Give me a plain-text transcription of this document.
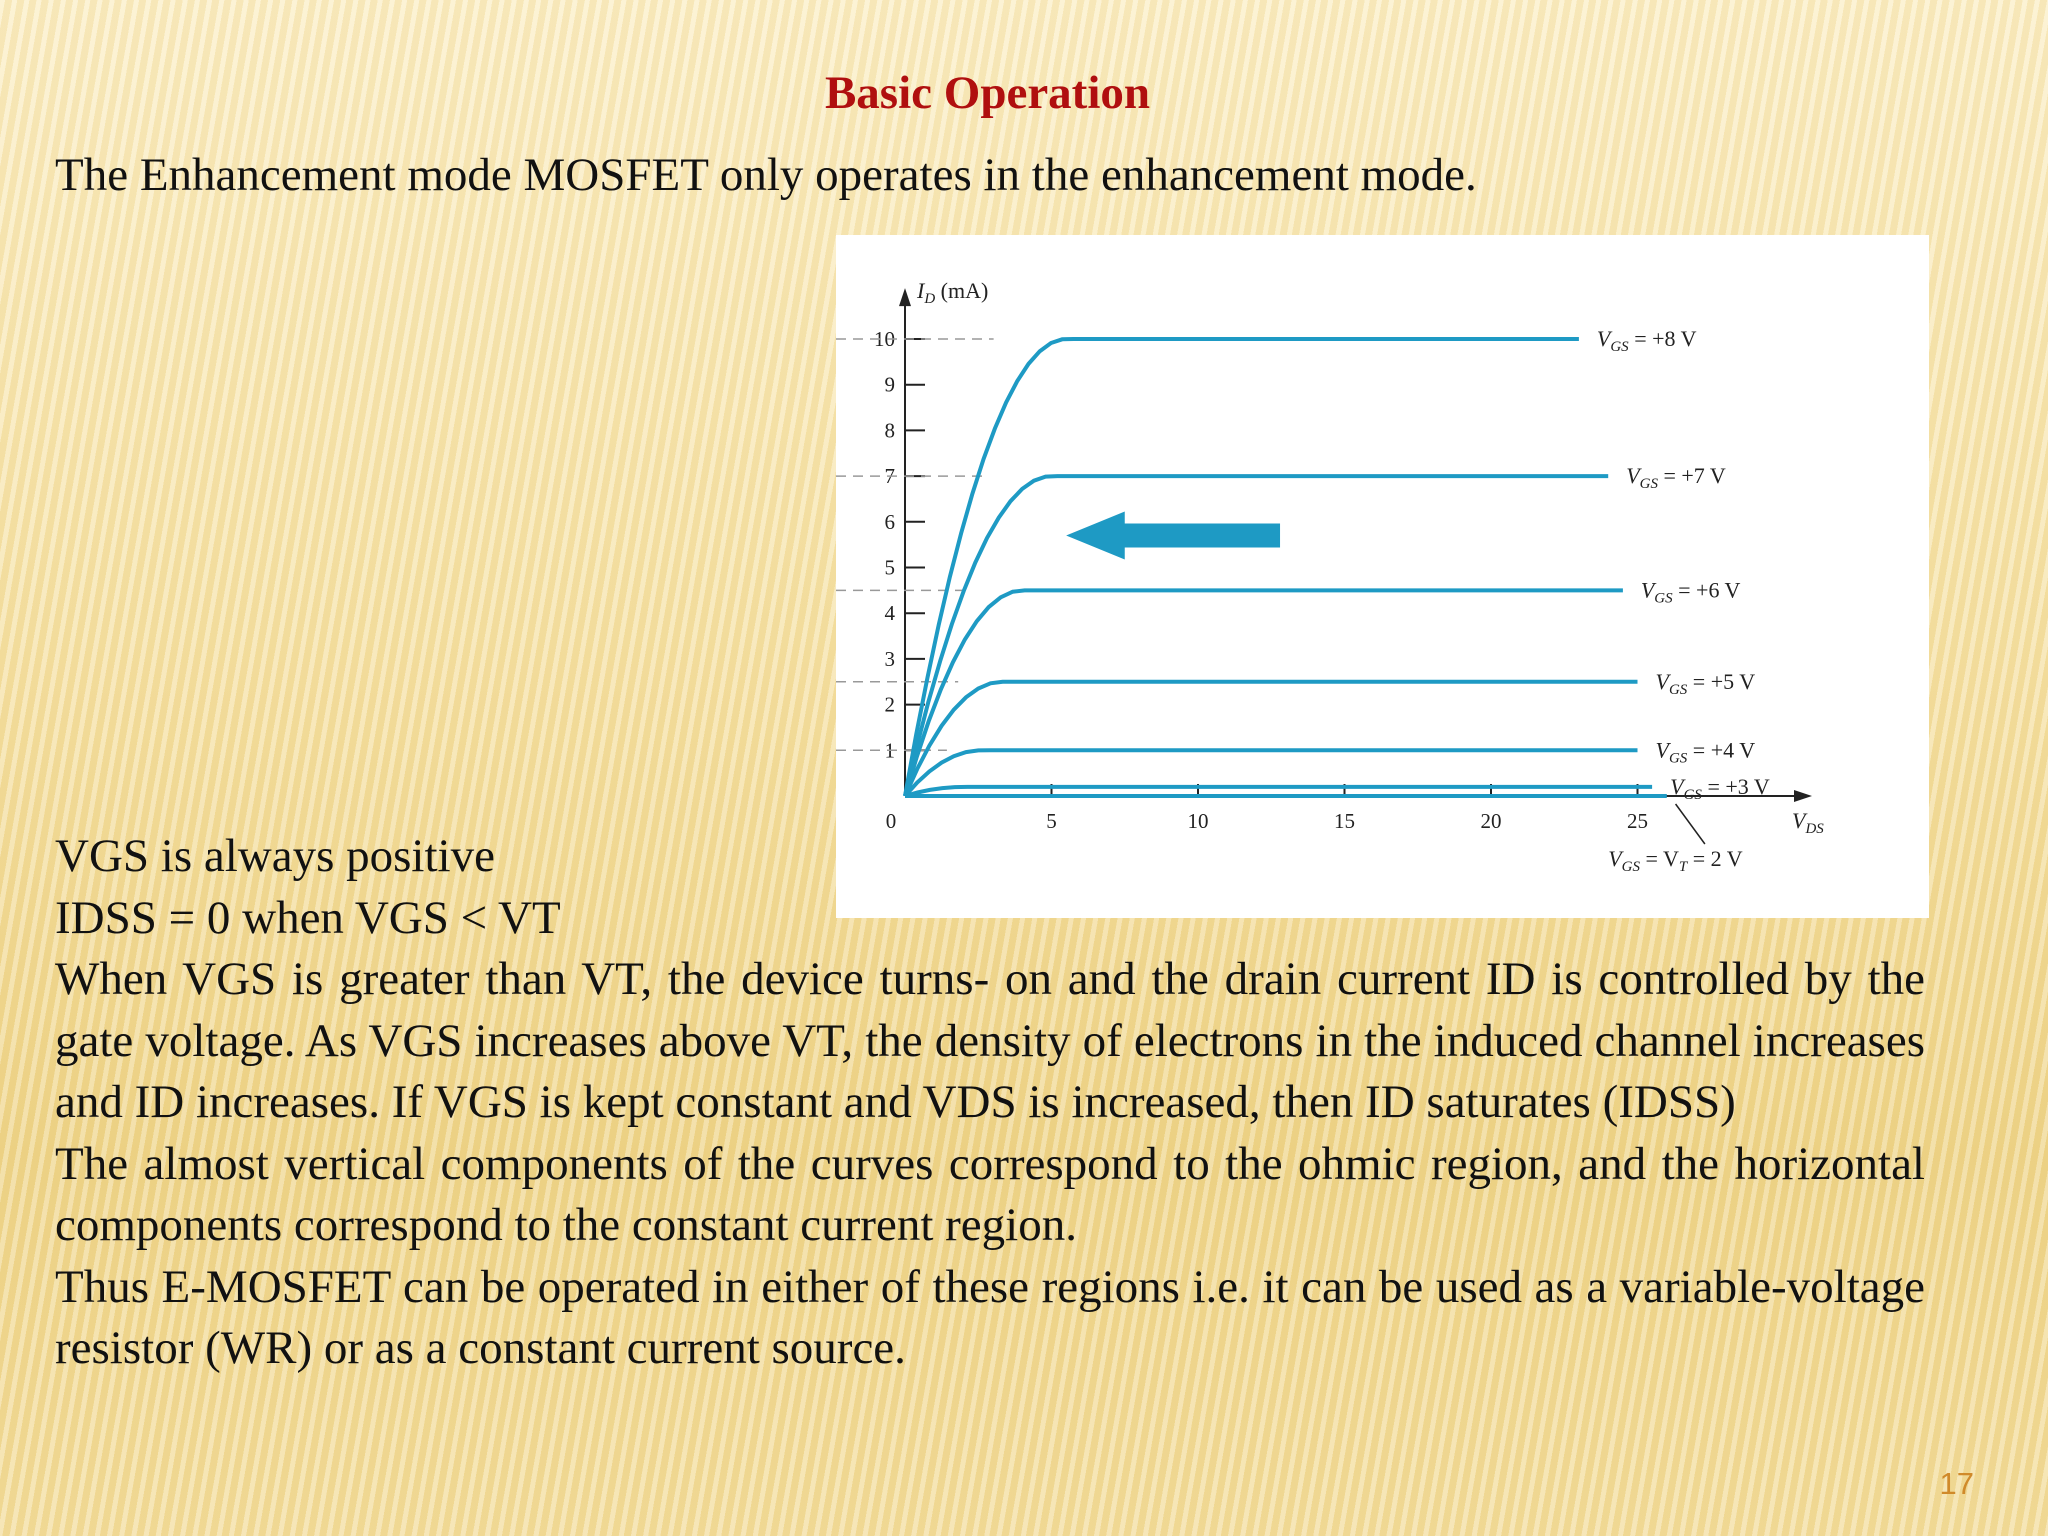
Basic Operation
The Enhancement mode MOSFET only operates in the enhancement mode.
$I_D$ (mA)
$V_{DS}$
1
2
3
4
5
6
7
8
9
10
0	5	10	15	20	25
$V_{GS} = +8$ V
$V_{GS} = +7$ V
$V_{GS} = +6$ V
$V_{GS} = +5$ V
$V_{GS} = +4$ V
$V_{GS} = +3$ V
$V_{GS} = V_T = 2$ V

VGS is always positive

IDSS = 0 when VGS < VT

When VGS is greater than VT, the device turns- on and the drain current ID is controlled by the gate voltage. As VGS increases above VT, the density of electrons in the induced channel increases and ID increases. If VGS is kept constant and VDS is increased, then ID saturates (IDSS)

The almost vertical components of the curves correspond to the ohmic region, and the horizontal components correspond to the constant current region.

Thus E-MOSFET can be operated in either of these regions i.e. it can be used as a variable-voltage resistor (WR) or as a constant current source.

17
